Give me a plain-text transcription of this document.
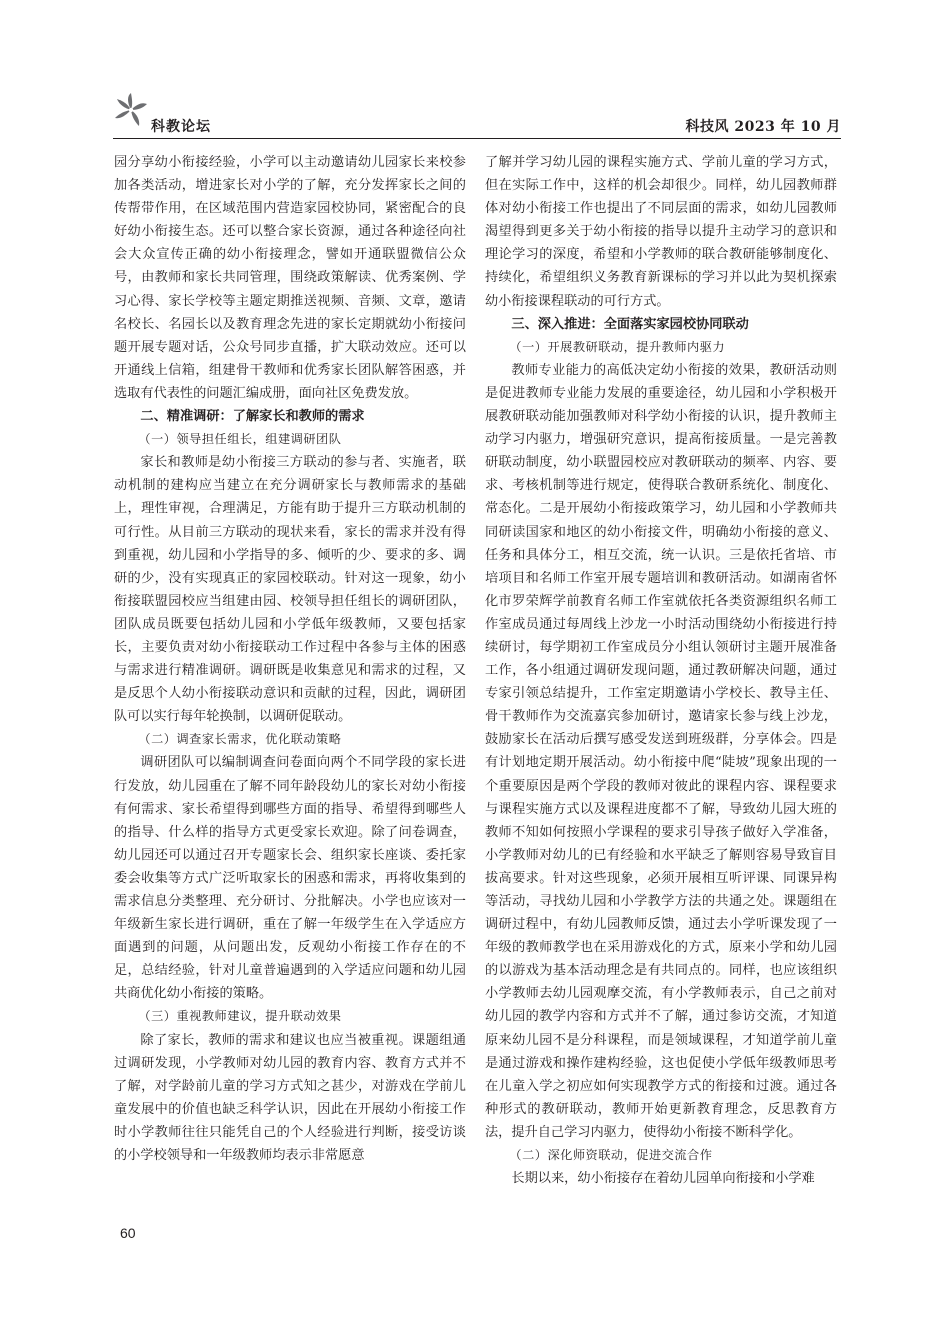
科教论坛	科技风 2023 年 10 月

园分享幼小衔接经验，小学可以主动邀请幼儿园家长来校参加各类活动，增进家长对小学的了解，充分发挥家长之间的传帮带作用，在区域范围内营造家园校协同，紧密配合的良好幼小衔接生态。还可以整合家长资源，通过各种途径向社会大众宣传正确的幼小衔接理念，譬如开通联盟微信公众号，由教师和家长共同管理，围绕政策解读、优秀案例、学习心得、家长学校等主题定期推送视频、音频、文章，邀请名校长、名园长以及教育理念先进的家长定期就幼小衔接问题开展专题对话，公众号同步直播，扩大联动效应。还可以开通线上信箱，组建骨干教师和优秀家长团队解答困惑，并选取有代表性的问题汇编成册，面向社区免费发放。

二、精准调研：了解家长和教师的需求
（一）领导担任组长，组建调研团队

家长和教师是幼小衔接三方联动的参与者、实施者，联动机制的建构应当建立在充分调研家长与教师需求的基础上，理性审视，合理满足，方能有助于提升三方联动机制的可行性。从目前三方联动的现状来看，家长的需求并没有得到重视，幼儿园和小学指导的多、倾听的少、要求的多、调研的少，没有实现真正的家园校联动。针对这一现象，幼小衔接联盟园校应当组建由园、校领导担任组长的调研团队，团队成员既要包括幼儿园和小学低年级教师，又要包括家长，主要负责对幼小衔接联动工作过程中各参与主体的困惑与需求进行精准调研。调研既是收集意见和需求的过程，又是反思个人幼小衔接联动意识和贡献的过程，因此，调研团队可以实行每年轮换制，以调研促联动。

（二）调查家长需求，优化联动策略

调研团队可以编制调查问卷面向两个不同学段的家长进行发放，幼儿园重在了解不同年龄段幼儿的家长对幼小衔接有何需求、家长希望得到哪些方面的指导、希望得到哪些人的指导、什么样的指导方式更受家长欢迎。除了问卷调查，幼儿园还可以通过召开专题家长会、组织家长座谈、委托家委会收集等方式广泛听取家长的困惑和需求，再将收集到的需求信息分类整理、充分研讨、分批解决。小学也应该对一年级新生家长进行调研，重在了解一年级学生在入学适应方面遇到的问题，从问题出发，反观幼小衔接工作存在的不足，总结经验，针对儿童普遍遇到的入学适应问题和幼儿园共商优化幼小衔接的策略。

（三）重视教师建议，提升联动效果

除了家长，教师的需求和建议也应当被重视。课题组通过调研发现，小学教师对幼儿园的教育内容、教育方式并不了解，对学龄前儿童的学习方式知之甚少，对游戏在学前儿童发展中的价值也缺乏科学认识，因此在开展幼小衔接工作时小学教师往往只能凭自己的个人经验进行判断，接受访谈的小学校领导和一年级教师均表示非常愿意

了解并学习幼儿园的课程实施方式、学前儿童的学习方式，但在实际工作中，这样的机会却很少。同样，幼儿园教师群体对幼小衔接工作也提出了不同层面的需求，如幼儿园教师渴望得到更多关于幼小衔接的指导以提升主动学习的意识和理论学习的深度，希望和小学教师的联合教研能够制度化、持续化，希望组织义务教育新课标的学习并以此为契机探索幼小衔接课程联动的可行方式。

三、深入推进：全面落实家园校协同联动
（一）开展教研联动，提升教师内驱力

教师专业能力的高低决定幼小衔接的效果，教研活动则是促进教师专业能力发展的重要途径，幼儿园和小学积极开展教研联动能加强教师对科学幼小衔接的认识，提升教师主动学习内驱力，增强研究意识，提高衔接质量。一是完善教研联动制度，幼小联盟园校应对教研联动的频率、内容、要求、考核机制等进行规定，使得联合教研系统化、制度化、常态化。二是开展幼小衔接政策学习，幼儿园和小学教师共同研读国家和地区的幼小衔接文件，明确幼小衔接的意义、任务和具体分工，相互交流，统一认识。三是依托省培、市培项目和名师工作室开展专题培训和教研活动。如湖南省怀化市罗荣辉学前教育名师工作室就依托各类资源组织名师工作室成员通过每周线上沙龙一小时活动围绕幼小衔接进行持续研讨，每学期初工作室成员分小组认领研讨主题开展准备工作，各小组通过调研发现问题，通过教研解决问题，通过专家引领总结提升，工作室定期邀请小学校长、教导主任、骨干教师作为交流嘉宾参加研讨，邀请家长参与线上沙龙，鼓励家长在活动后撰写感受发送到班级群，分享体会。四是有计划地定期开展活动。幼小衔接中爬“陡坡”现象出现的一个重要原因是两个学段的教师对彼此的课程内容、课程要求与课程实施方式以及课程进度都不了解，导致幼儿园大班的教师不知如何按照小学课程的要求引导孩子做好入学准备，小学教师对幼儿的已有经验和水平缺乏了解则容易导致盲目拔高要求。针对这些现象，必须开展相互听评课、同课异构等活动，寻找幼儿园和小学教学方法的共通之处。课题组在调研过程中，有幼儿园教师反馈，通过去小学听课发现了一年级的教师教学也在采用游戏化的方式，原来小学和幼儿园的以游戏为基本活动理念是有共同点的。同样，也应该组织小学教师去幼儿园观摩交流，有小学教师表示，自己之前对幼儿园的教学内容和方式并不了解，通过参访交流，才知道原来幼儿园不是分科课程，而是领域课程，才知道学前儿童是通过游戏和操作建构经验，这也促使小学低年级教师思考在儿童入学之初应如何实现教学方式的衔接和过渡。通过各种形式的教研联动，教师开始更新教育理念，反思教育方法，提升自己学习内驱力，使得幼小衔接不断科学化。

（二）深化师资联动，促进交流合作

长期以来，幼小衔接存在着幼儿园单向衔接和小学难

60
